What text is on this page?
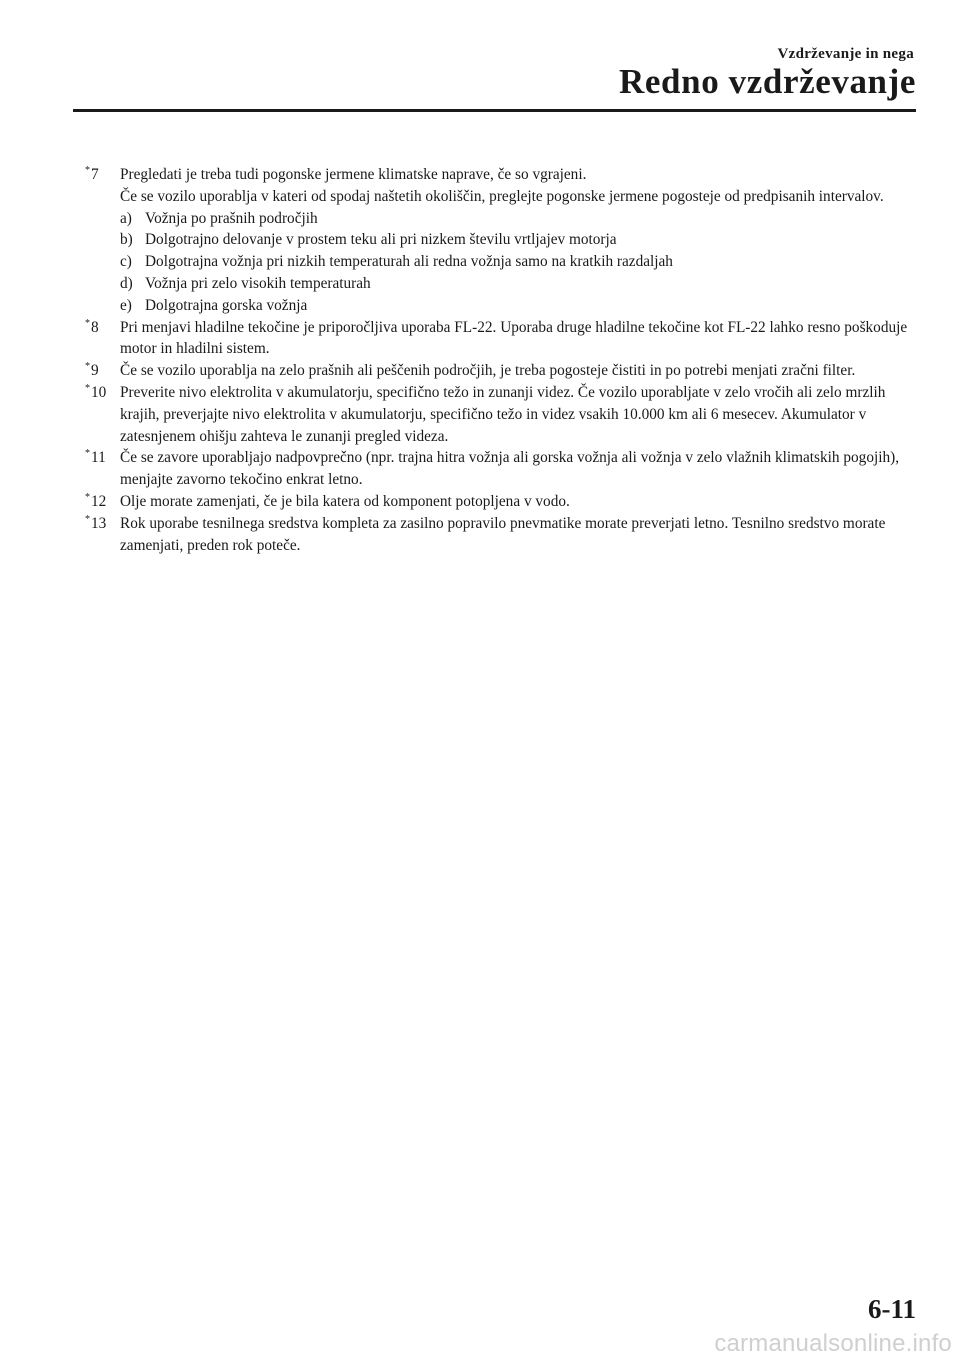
Vzdrževanje in nega
Redno vzdrževanje
*7 Pregledati je treba tudi pogonske jermene klimatske naprave, če so vgrajeni.
Če se vozilo uporablja v kateri od spodaj naštetih okoliščin, preglejte pogonske jermene pogosteje od predpisanih intervalov.
a) Vožnja po prašnih področjih
b) Dolgotrajno delovanje v prostem teku ali pri nizkem številu vrtljajev motorja
c) Dolgotrajna vožnja pri nizkih temperaturah ali redna vožnja samo na kratkih razdaljah
d) Vožnja pri zelo visokih temperaturah
e) Dolgotrajna gorska vožnja
*8 Pri menjavi hladilne tekočine je priporočljiva uporaba FL-22. Uporaba druge hladilne tekočine kot FL-22 lahko resno poškoduje motor in hladilni sistem.
*9 Če se vozilo uporablja na zelo prašnih ali peščenih področjih, je treba pogosteje čistiti in po potrebi menjati zračni filter.
*10 Preverite nivo elektrolita v akumulatorju, specifično težo in zunanji videz. Če vozilo uporabljate v zelo vročih ali zelo mrzlih krajih, preverjajte nivo elektrolita v akumulatorju, specifično težo in videz vsakih 10.000 km ali 6 mesecev. Akumulator v zatesnjenem ohišju zahteva le zunanji pregled videza.
*11 Če se zavore uporabljajo nadpovprečno (npr. trajna hitra vožnja ali gorska vožnja ali vožnja v zelo vlažnih klimatskih pogojih), menjajte zavorno tekočino enkrat letno.
*12 Olje morate zamenjati, če je bila katera od komponent potopljena v vodo.
*13 Rok uporabe tesnilnega sredstva kompleta za zasilno popravilo pnevmatike morate preverjati letno. Tesnilno sredstvo morate zamenjati, preden rok poteče.
6-11
carmanualsonline.info
